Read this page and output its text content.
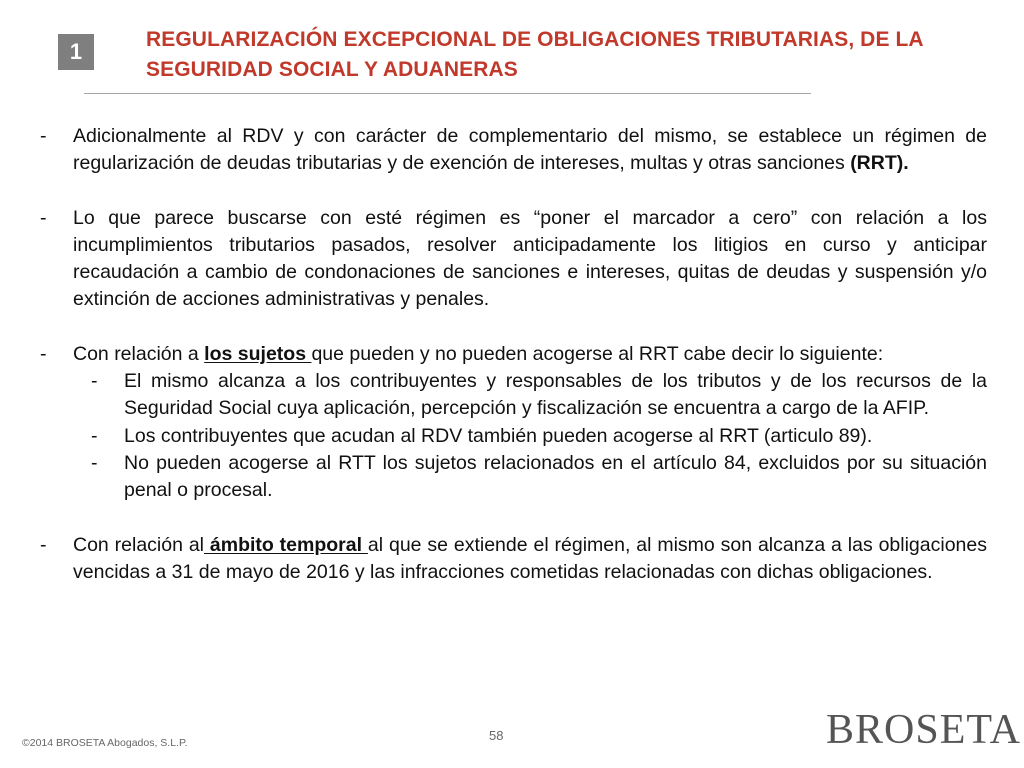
1	REGULARIZACIÓN EXCEPCIONAL DE OBLIGACIONES TRIBUTARIAS, DE LA
SEGURIDAD SOCIAL Y ADUANERAS
-	Adicionalmente al RDV y con carácter de complementario del mismo, se establece un régimen de regularización de deudas tributarias y de exención de intereses, multas y otras sanciones (RRT).
-	Lo que parece buscarse con esté régimen es “poner el marcador a cero” con relación a los incumplimientos tributarios pasados, resolver anticipadamente los litigios en curso y anticipar recaudación a cambio de condonaciones de sanciones e intereses, quitas de deudas y suspensión y/o extinción de acciones administrativas y penales.
-	Con relación a los sujetos que pueden y no pueden acogerse al RRT cabe decir lo siguiente:
-	El mismo alcanza a los contribuyentes y responsables de los tributos y de los recursos de la Seguridad Social cuya aplicación, percepción y fiscalización se encuentra a cargo de la AFIP.
-	Los contribuyentes que acudan al RDV también pueden acogerse al RRT (articulo 89).
-	No pueden acogerse al RTT los sujetos relacionados en el artículo 84, excluidos por su situación penal o procesal.
-	Con relación al ámbito temporal al que se extiende el régimen, al mismo son alcanza a las obligaciones vencidas a 31 de mayo de 2016 y las infracciones cometidas relacionadas con dichas obligaciones.
©2014 BROSETA Abogados, S.L.P.	58	BROSETA
